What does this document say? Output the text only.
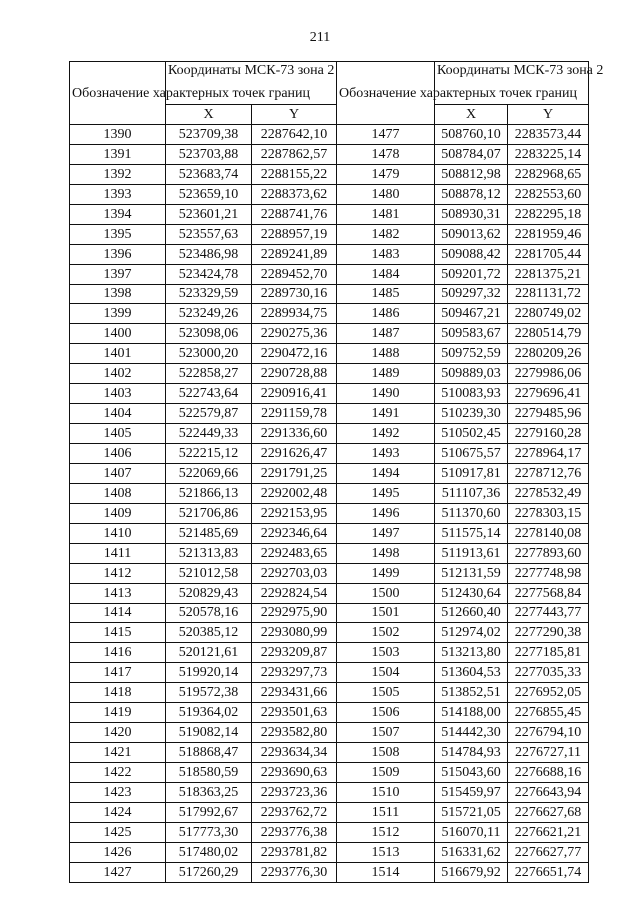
211
Обозначение характерных точек границ	Координаты МСК-73 зона 2		Обозначение характерных точек границ	Координаты МСК-73 зона 2	
	X	Y		X	Y
1390	523709,38	2287642,10	1477	508760,10	2283573,44
1391	523703,88	2287862,57	1478	508784,07	2283225,14
1392	523683,74	2288155,22	1479	508812,98	2282968,65
1393	523659,10	2288373,62	1480	508878,12	2282553,60
1394	523601,21	2288741,76	1481	508930,31	2282295,18
1395	523557,63	2288957,19	1482	509013,62	2281959,46
1396	523486,98	2289241,89	1483	509088,42	2281705,44
1397	523424,78	2289452,70	1484	509201,72	2281375,21
1398	523329,59	2289730,16	1485	509297,32	2281131,72
1399	523249,26	2289934,75	1486	509467,21	2280749,02
1400	523098,06	2290275,36	1487	509583,67	2280514,79
1401	523000,20	2290472,16	1488	509752,59	2280209,26
1402	522858,27	2290728,88	1489	509889,03	2279986,06
1403	522743,64	2290916,41	1490	510083,93	2279696,41
1404	522579,87	2291159,78	1491	510239,30	2279485,96
1405	522449,33	2291336,60	1492	510502,45	2279160,28
1406	522215,12	2291626,47	1493	510675,57	2278964,17
1407	522069,66	2291791,25	1494	510917,81	2278712,76
1408	521866,13	2292002,48	1495	511107,36	2278532,49
1409	521706,86	2292153,95	1496	511370,60	2278303,15
1410	521485,69	2292346,64	1497	511575,14	2278140,08
1411	521313,83	2292483,65	1498	511913,61	2277893,60
1412	521012,58	2292703,03	1499	512131,59	2277748,98
1413	520829,43	2292824,54	1500	512430,64	2277568,84
1414	520578,16	2292975,90	1501	512660,40	2277443,77
1415	520385,12	2293080,99	1502	512974,02	2277290,38
1416	520121,61	2293209,87	1503	513213,80	2277185,81
1417	519920,14	2293297,73	1504	513604,53	2277035,33
1418	519572,38	2293431,66	1505	513852,51	2276952,05
1419	519364,02	2293501,63	1506	514188,00	2276855,45
1420	519082,14	2293582,80	1507	514442,30	2276794,10
1421	518868,47	2293634,34	1508	514784,93	2276727,11
1422	518580,59	2293690,63	1509	515043,60	2276688,16
1423	518363,25	2293723,36	1510	515459,97	2276643,94
1424	517992,67	2293762,72	1511	515721,05	2276627,68
1425	517773,30	2293776,38	1512	516070,11	2276621,21
1426	517480,02	2293781,82	1513	516331,62	2276627,77
1427	517260,29	2293776,30	1514	516679,92	2276651,74
